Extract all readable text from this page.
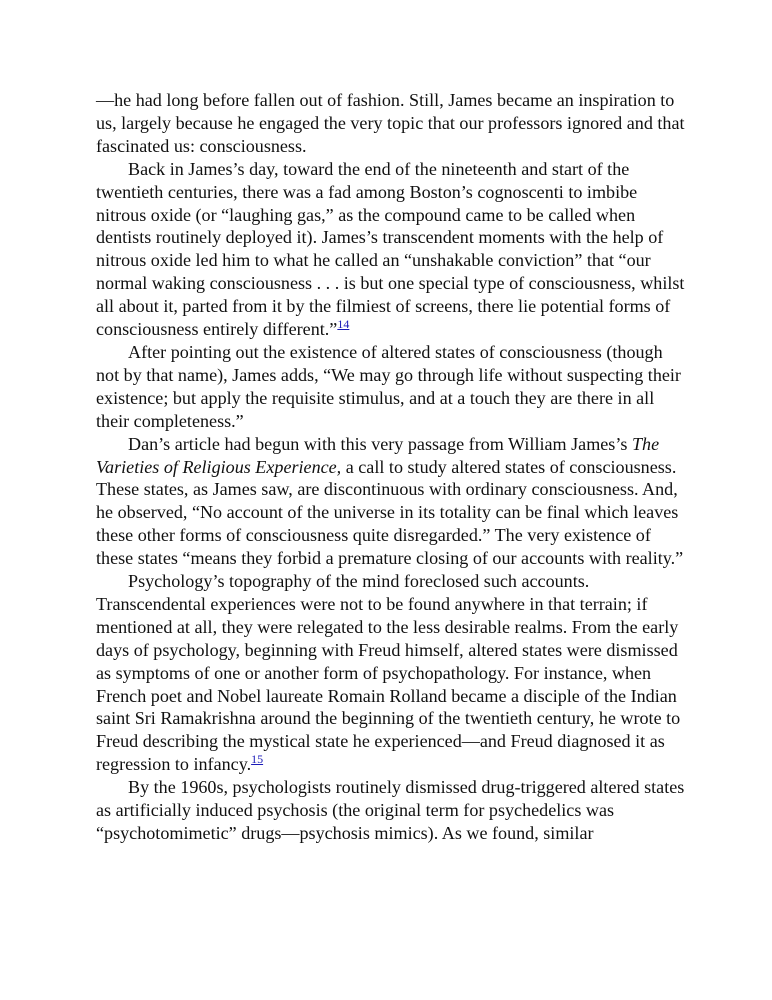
—he had long before fallen out of fashion. Still, James became an inspiration to us, largely because he engaged the very topic that our professors ignored and that fascinated us: consciousness.

Back in James’s day, toward the end of the nineteenth and start of the twentieth centuries, there was a fad among Boston’s cognoscenti to imbibe nitrous oxide (or “laughing gas,” as the compound came to be called when dentists routinely deployed it). James’s transcendent moments with the help of nitrous oxide led him to what he called an “unshakable conviction” that “our normal waking consciousness . . . is but one special type of consciousness, whilst all about it, parted from it by the filmiest of screens, there lie potential forms of consciousness entirely different.”$^{14}$

After pointing out the existence of altered states of consciousness (though not by that name), James adds, “We may go through life without suspecting their existence; but apply the requisite stimulus, and at a touch they are there in all their completeness.”

Dan’s article had begun with this very passage from William James’s The Varieties of Religious Experience, a call to study altered states of consciousness. These states, as James saw, are discontinuous with ordinary consciousness. And, he observed, “No account of the universe in its totality can be final which leaves these other forms of consciousness quite disregarded.” The very existence of these states “means they forbid a premature closing of our accounts with reality.”

Psychology’s topography of the mind foreclosed such accounts. Transcendental experiences were not to be found anywhere in that terrain; if mentioned at all, they were relegated to the less desirable realms. From the early days of psychology, beginning with Freud himself, altered states were dismissed as symptoms of one or another form of psychopathology. For instance, when French poet and Nobel laureate Romain Rolland became a disciple of the Indian saint Sri Ramakrishna around the beginning of the twentieth century, he wrote to Freud describing the mystical state he experienced—and Freud diagnosed it as regression to infancy.$^{15}$

By the 1960s, psychologists routinely dismissed drug-triggered altered states as artificially induced psychosis (the original term for psychedelics was “psychotomimetic” drugs—psychosis mimics). As we found, similar
